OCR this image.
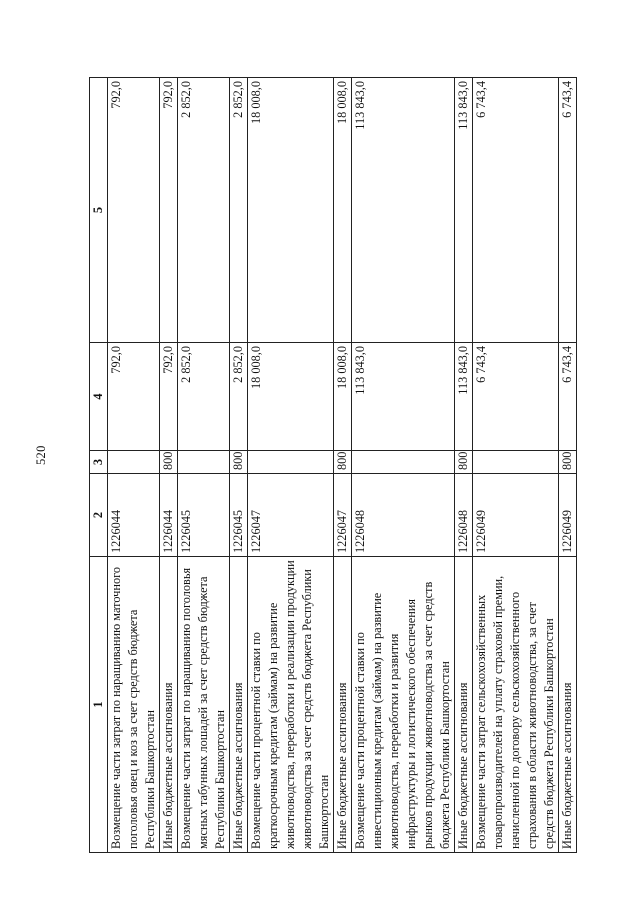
520
1	2	3	4	5
Возмещение части затрат по наращиванию маточного поголовья овец и коз за счет средств бюджета Республики Башкортостан	1226044		792,0	792,0
Иные бюджетные ассигнования	1226044	800	792,0	792,0
Возмещение части затрат по наращиванию поголовья мясных табунных лошадей за счет средств бюджета Республики Башкортостан	1226045		2 852,0	2 852,0
Иные бюджетные ассигнования	1226045	800	2 852,0	2 852,0
Возмещение части процентной ставки по краткосрочным кредитам (займам) на развитие животноводства, переработки и реализации продукции животноводства за счет средств бюджета Республики Башкортостан	1226047		18 008,0	18 008,0
Иные бюджетные ассигнования	1226047	800	18 008,0	18 008,0
Возмещение части процентной ставки по инвестиционным кредитам (займам) на развитие животноводства, переработки и развития инфраструктуры и логистического обеспечения рынков продукции животноводства за счет средств бюджета Республики Башкортостан	1226048		113 843,0	113 843,0
Иные бюджетные ассигнования	1226048	800	113 843,0	113 843,0
Возмещение части затрат сельскохозяйственных товаропроизводителей на уплату страховой премии, начисленной по договору сельскохозяйственного страхования в области животноводства, за счет средств бюджета Республики Башкортостан	1226049		6 743,4	6 743,4
Иные бюджетные ассигнования	1226049	800	6 743,4	6 743,4
